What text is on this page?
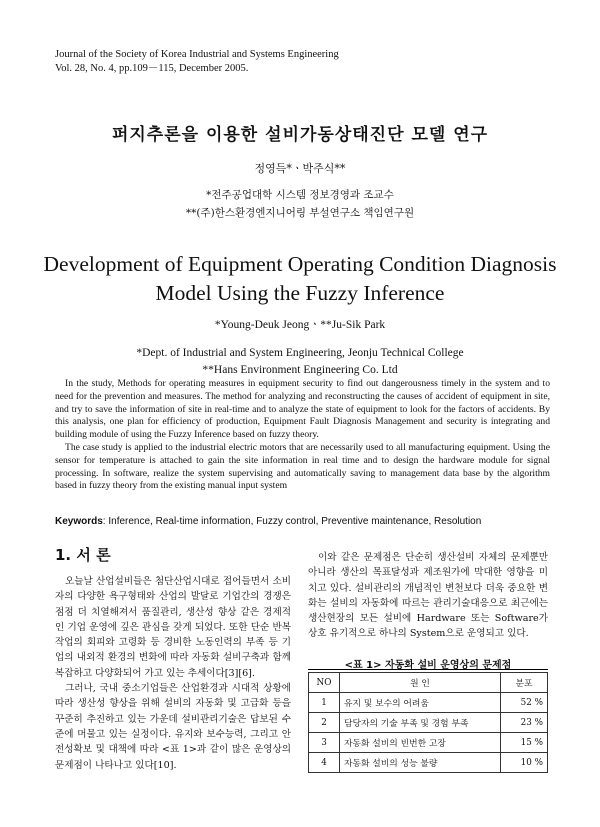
Journal of the Society of Korea Industrial and Systems Engineering
Vol. 28, No. 4, pp.109－115, December 2005.
퍼지추론을 이용한 설비가동상태진단 모델 연구
정영득*ㆍ박주식**
*전주공업대학 시스템 정보경영과 조교수
**(주)한스환경엔지니어링 부설연구소 책임연구원
Development of Equipment Operating Condition Diagnosis
Model Using the Fuzzy Inference
*Young-Deuk Jeongㆍ**Ju-Sik Park
*Dept. of Industrial and System Engineering, Jeonju Technical College
**Hans Environment Engineering Co. Ltd

In the study, Methods for operating measures in equipment security to find out dangerousness timely in the system and to need for the prevention and measures. The method for analyzing and reconstructing the causes of accident of equipment in site, and try to save the information of site in real-time and to analyze the state of equipment to look for the factors of accidents. By this analysis, one plan for efficiency of production, Equipment Fault Diagnosis Management and security is integrating and building module of using the Fuzzy Inference based on fuzzy theory.

The case study is applied to the industrial electric motors that are necessarily used to all manufacturing equipment. Using the sensor for temperature is attached to gain the site information in real time and to design the hardware module for signal processing. In software, realize the system supervising and automatically saving to management data base by the algorithm based in fuzzy theory from the existing manual input system

Keywords: Inference, Real-time information, Fuzzy control, Preventive maintenance, Resolution
1. 서 론

오늘날 산업설비들은 첨단산업시대로 접어들면서 소비자의 다양한 욕구형태와 산업의 발달로 기업간의 경쟁은 점점 더 치열해져서 품질관리, 생산성 향상 같은 경제적인 기업 운영에 깊은 관심을 갖게 되었다. 또한 단순 반복 작업의 회피와 고령화 등 경비한 노동인력의 부족 등 기업의 내외적 환경의 변화에 따라 자동화 설비구축과 함께 복잡하고 다양화되어 가고 있는 추세이다[3][6].

그러나, 국내 중소기업들은 산업환경과 시대적 상황에 따라 생산성 향상을 위해 설비의 자동화 및 고급화 등을 꾸준히 추진하고 있는 가운데 설비관리기술은 답보된 수준에 머물고 있는 실정이다. 유지와 보수능력, 그리고 안전성확보 및 대책에 따라 <표 1>과 같이 많은 운영상의 문제점이 나타나고 있다[10].

이와 같은 문제점은 단순히 생산설비 자체의 문제뿐만 아니라 생산의 목표달성과 제조원가에 막대한 영향을 미치고 있다. 설비관리의 개념적인 변천보다 더욱 중요한 변화는 설비의 자동화에 따르는 관리기술대응으로 최근에는 생산현장의 모든 설비에 Hardware 또는 Software가 상호 유기적으로 하나의 System으로 운영되고 있다.

<표 1> 자동화 설비 운영상의 문제점
NO	원 인	분포
1	유지 및 보수의 어려움	52 %
2	담당자의 기술 부족 및 경험 부족	23 %
3	자동화 설비의 빈번한 고장	15 %
4	자동화 설비의 성능 불량	10 %
